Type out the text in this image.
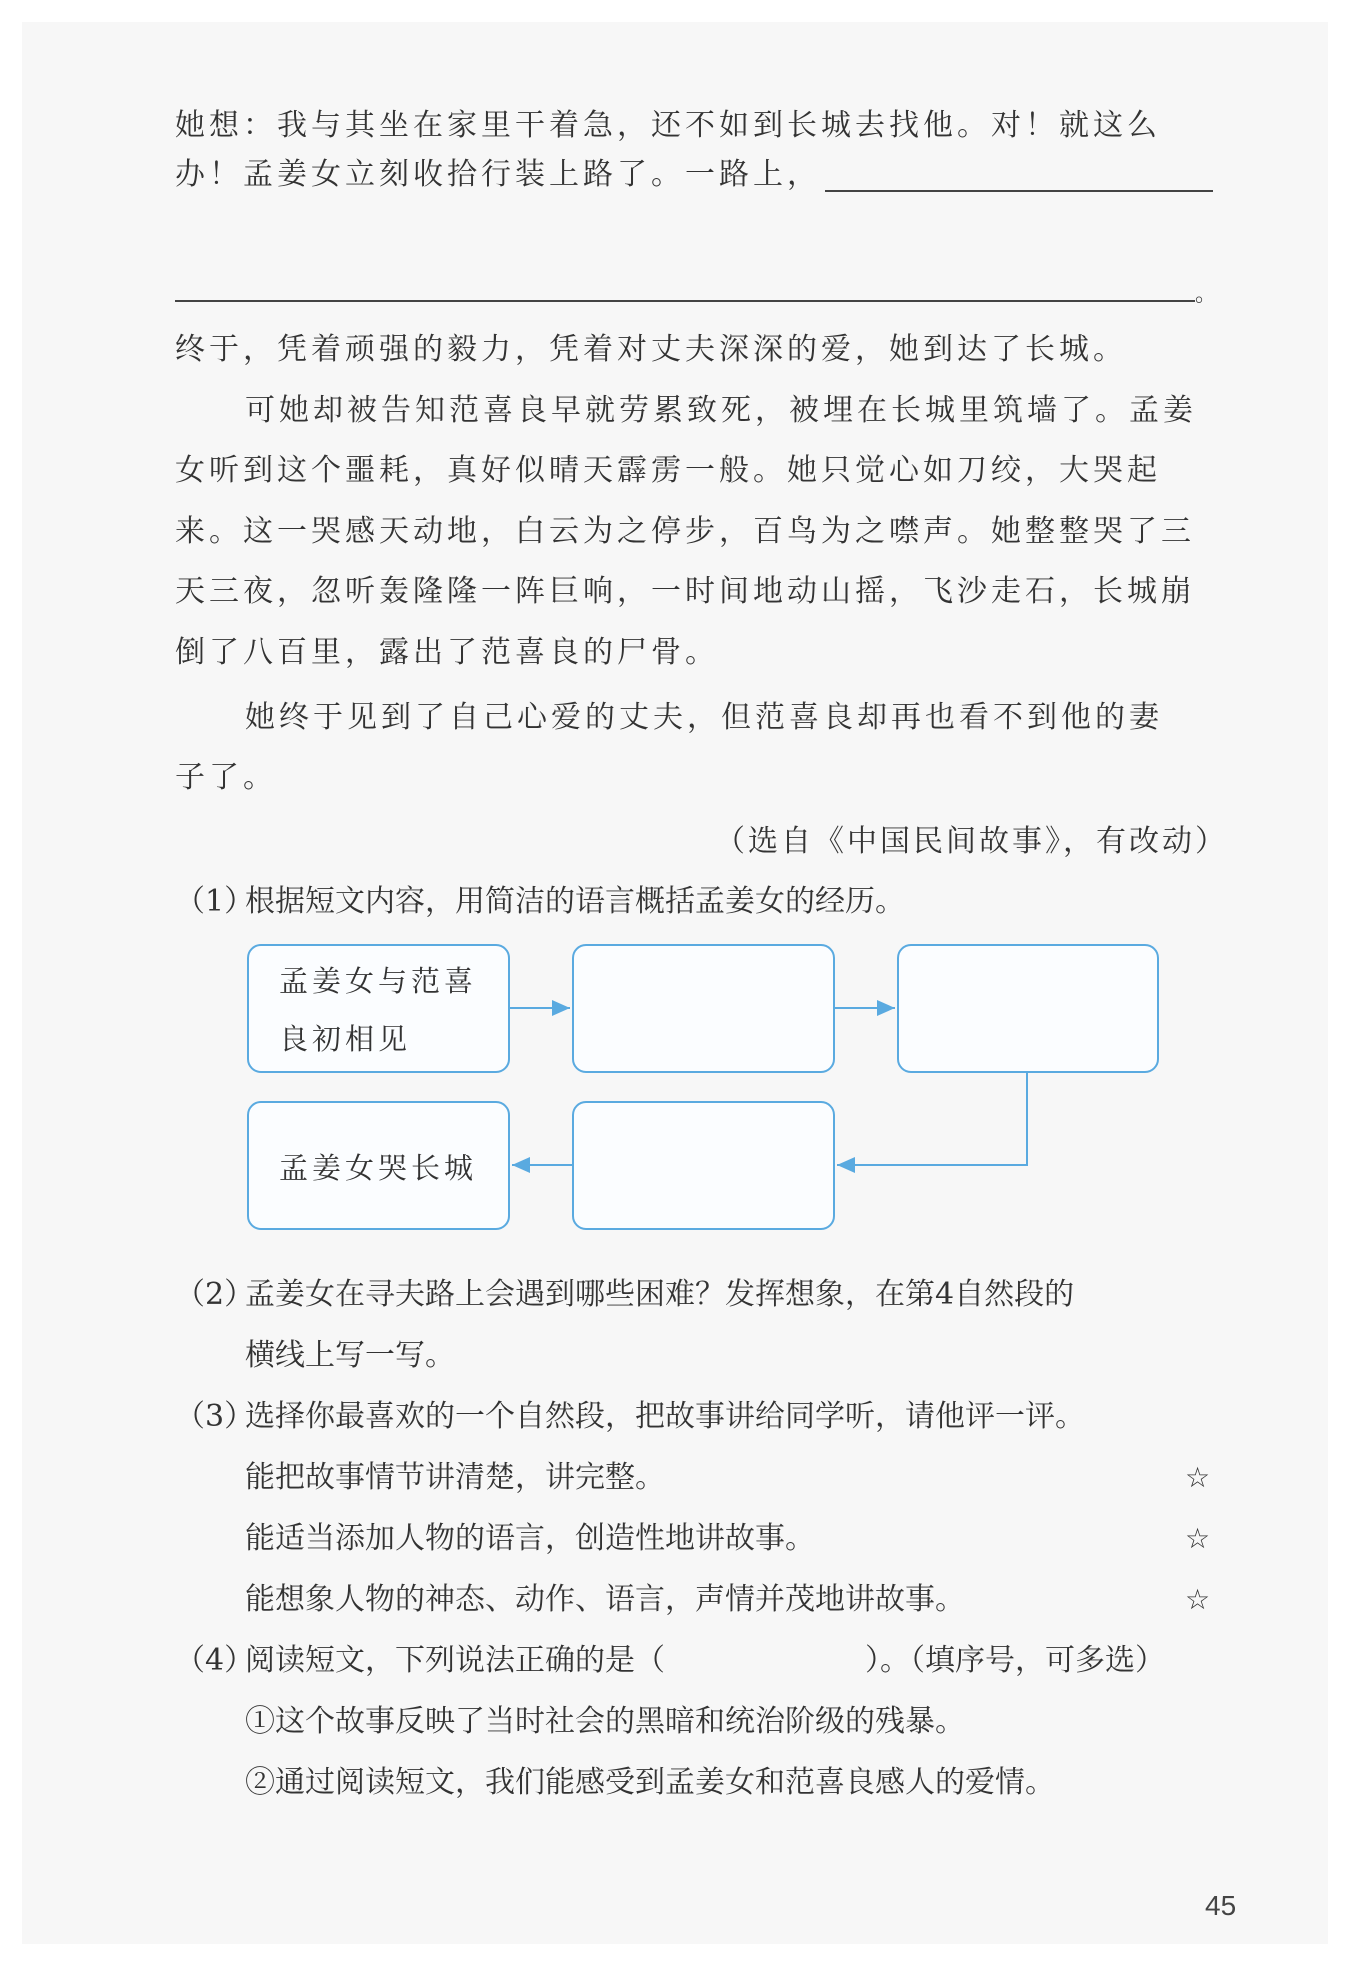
她想：我与其坐在家里干着急，还不如到长城去找他。对！就这么
办！孟姜女立刻收拾行装上路了。一路上，
。
终于，凭着顽强的毅力，凭着对丈夫深深的爱，她到达了长城。
可她却被告知范喜良早就劳累致死，被埋在长城里筑墙了。孟姜
女听到这个噩耗，真好似晴天霹雳一般。她只觉心如刀绞，大哭起
来。这一哭感天动地，白云为之停步，百鸟为之噤声。她整整哭了三
天三夜，忽听轰隆隆一阵巨响，一时间地动山摇，飞沙走石，长城崩
倒了八百里，露出了范喜良的尸骨。
她终于见到了自己心爱的丈夫，但范喜良却再也看不到他的妻
子了。
（选自《中国民间故事》，有改动）
（1）
根据短文内容，用简洁的语言概括孟姜女的经历。
孟姜女与范喜
良初相见
孟姜女哭长城
（2）
孟姜女在寻夫路上会遇到哪些困难？发挥想象，在第4自然段的
横线上写一写。
（3）
选择你最喜欢的一个自然段，把故事讲给同学听，请他评一评。
能把故事情节讲清楚，讲完整。	☆
能适当添加人物的语言，创造性地讲故事。	☆
能想象人物的神态、动作、语言，声情并茂地讲故事。	☆
（4）
阅读短文，下列说法正确的是（	）。（填序号，可多选）
①这个故事反映了当时社会的黑暗和统治阶级的残暴。
②通过阅读短文，我们能感受到孟姜女和范喜良感人的爱情。
45
